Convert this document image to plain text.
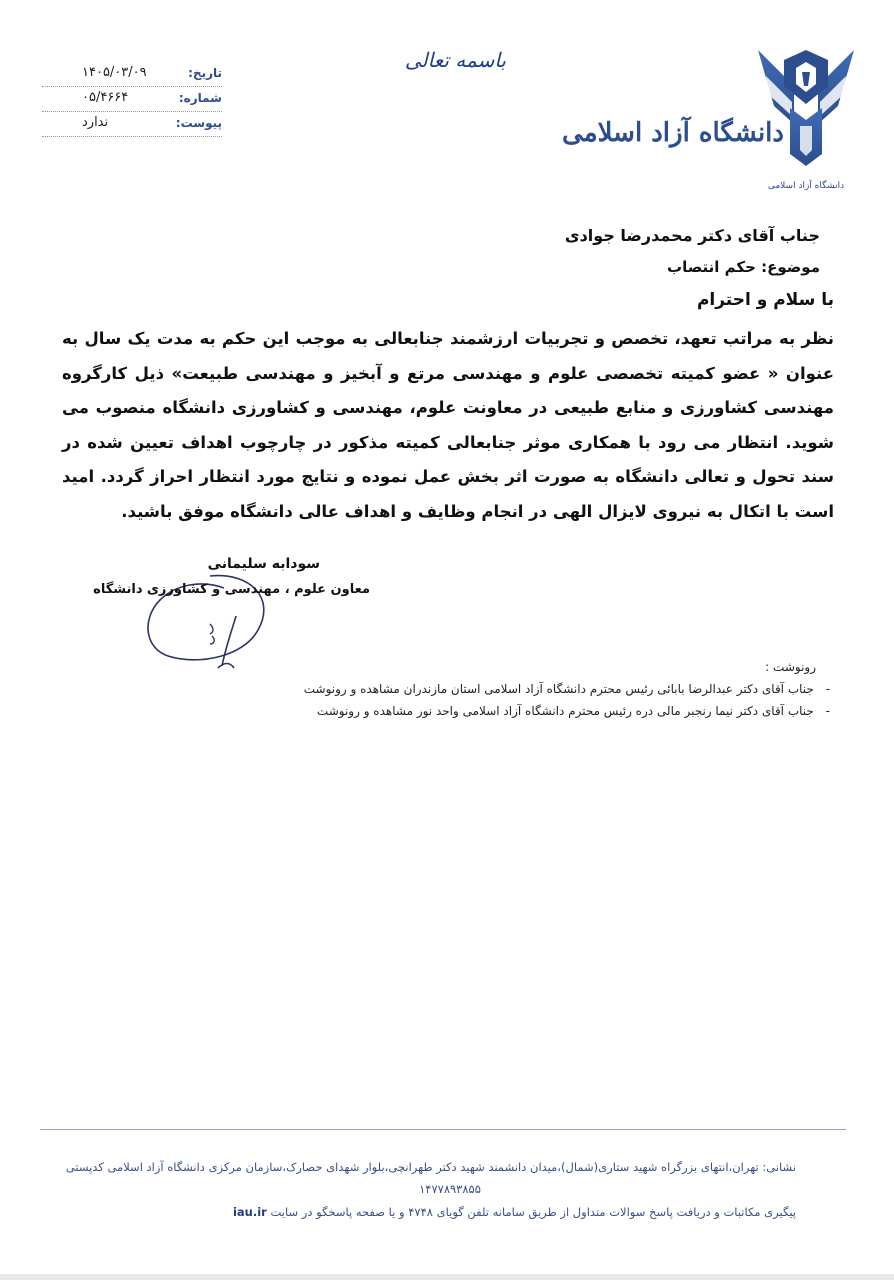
دانشگاه آزاد اسلامی
دانشگاه آزاد اسلامی
باسمه تعالی
تاریخ:
۱۴۰۵/۰۳/۰۹
شماره:
۰۵/۴۶۶۴
پیوست:
ندارد
جناب آقای دکتر محمدرضا جوادی
موضوع: حکم انتصاب
با سلام و احترام
نظر به مراتب تعهد، تخصص و تجربیات ارزشمند جنابعالی به موجب این حکم به مدت یک سال به عنوان « عضو کمیته تخصصی علوم و مهندسی مرتع و آبخیز و مهندسی طبیعت» ذیل کارگروه مهندسی کشاورزی و منابع طبیعی در معاونت علوم، مهندسی و کشاورزی دانشگاه منصوب می شوید. انتظار می رود با همکاری موثر جنابعالی کمیته مذکور در چارچوب اهداف تعیین شده در سند تحول و تعالی دانشگاه به صورت اثر بخش عمل نموده و نتایج مورد انتظار احراز گردد. امید است با اتکال به نیروی لایزال الهی در انجام وظایف و اهداف عالی دانشگاه موفق باشید.
سودابه سلیمانی
معاون علوم ، مهندسی و کشاورزی دانشگاه
رونوشت :
- جناب آقای دکتر عبدالرضا بابائی رئیس محترم دانشگاه آزاد اسلامی استان مازندران مشاهده و رونوشت
- جناب آقای دکتر نیما رنجبر مالی دره رئیس محترم دانشگاه آزاد اسلامی واحد نور مشاهده و رونوشت
نشانی: تهران،انتهای بزرگراه شهید ستاری(شمال)،میدان دانشمند شهید دکتر طهرانچی،بلوار شهدای حصارک،سازمان مرکزی دانشگاه آزاد اسلامی کدپستی
۱۴۷۷۸۹۳۸۵۵
پیگیری مکاتبات و دریافت پاسخ سوالات متداول از طریق سامانه تلفن گویای ۴۷۴۸ و یا صفحه پاسخگو در سایت iau.ir
